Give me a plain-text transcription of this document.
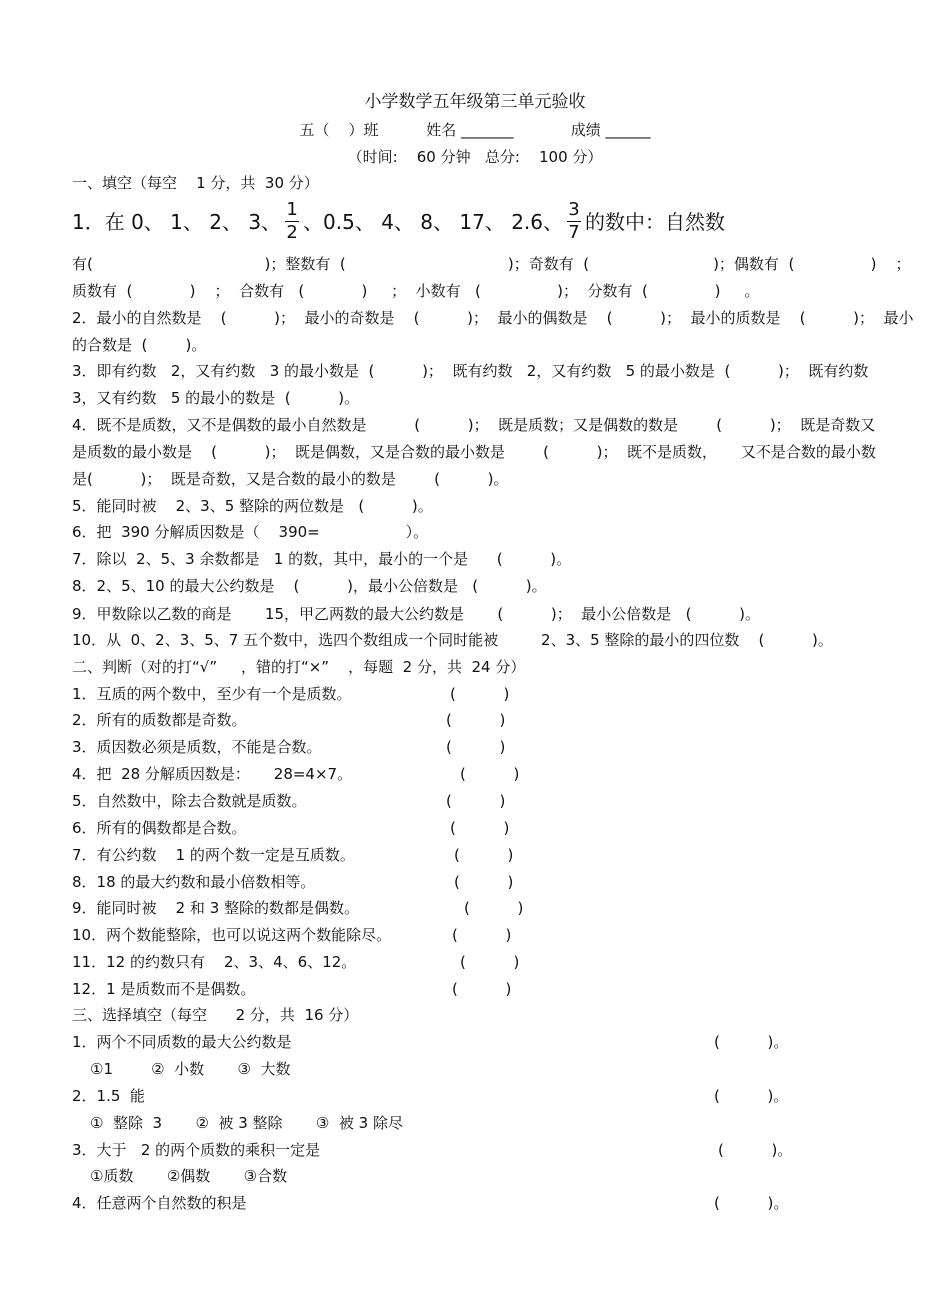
小学数学五年级第三单元验收
五（    ）班          姓名 _______            成绩 ______
（时间:    60 分钟   总分:    100 分）
一、填空（每空    1 分，共  30 分）
1．在 0、 1、 2、 3、 $\frac{1}{2}$ 、0.5、 4、 8、 17、 2.6、 $\frac{3}{7}$ 的数中：自然数
有(                                    )；整数有  (                                  )；奇数有  (                          )；偶数有  (                )    ；
质数有  (            )    ；  合数有   (            )     ；  小数有   (                )；  分数有  (              )     。
2．最小的自然数是    (          )；  最小的奇数是    (          )；  最小的偶数是    (          )；  最小的质数是    (          )；  最小
的合数是  (        )。
3．即有约数   2，又有约数   3 的最小数是  (          )；  既有约数   2，又有约数   5 的最小数是  (          )；  既有约数
3，又有约数   5 的最小的数是  (          )。
4．既不是质数，又不是偶数的最小自然数是          (          )；  既是质数；又是偶数的数是        (          )；  既是奇数又
是质数的最小数是    (          )；  既是偶数，又是合数的最小数是        (          )；  既不是质数，     又不是合数的最小数
是(          )；  既是奇数，又是合数的最小的数是        (          )。
5．能同时被    2、3、5 整除的两位数是   (          )。
6．把  390 分解质因数是（    390=                  ）。
7．除以  2、5、3 余数都是   1 的数，其中，最小的一个是      (          )。
8．2、5、10 的最大公约数是    (          )，最小公倍数是   (          )。
9．甲数除以乙数的商是       15，甲乙两数的最大公约数是       (          )；  最小公倍数是   (          )。
10．从  0、2、3、5、7 五个数中，选四个数组成一个同时能被         2、3、5 整除的最小的四位数    (          )。
二、判断（对的打“√”     ，错的打“×”    ，每题  2 分，共  24 分）
1．互质的两个数中，至少有一个是质数。	(          )
2．所有的质数都是奇数。	(          )
3．质因数必须是质数，不能是合数。	(          )
4．把  28 分解质因数是：     28=4×7。	(          )
5．自然数中，除去合数就是质数。	(          )
6．所有的偶数都是合数。	(          )
7．有公约数    1 的两个数一定是互质数。	(          )
8．18 的最大约数和最小倍数相等。	(          )
9．能同时被    2 和 3 整除的数都是偶数。	(          )
10．两个数能整除，也可以说这两个数能除尽。	(          )
11．12 的约数只有    2、3、4、6、12。	(          )
12．1 是质数而不是偶数。	(          )
三、选择填空（每空      2 分，共  16 分）
1．两个不同质数的最大公约数是	(          )。
①1        ②  小数       ③  大数
2．1.5  能	(          )。
①  整除  3       ②  被 3 整除       ③  被 3 除尽
3．大于   2 的两个质数的乘积一定是	(          )。
①质数       ②偶数       ③合数
4．任意两个自然数的积是	(          )。
